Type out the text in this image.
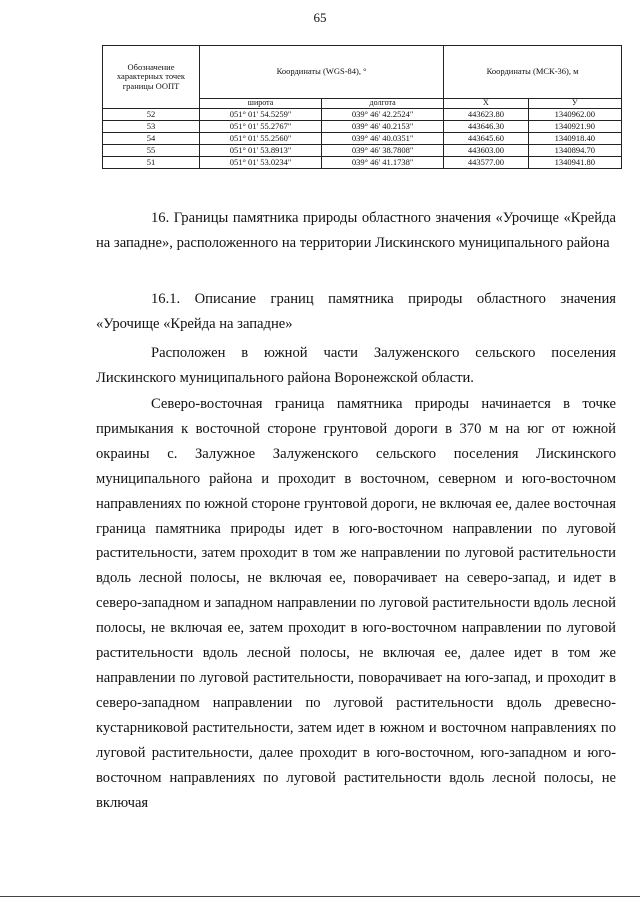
65
Обозначение характерных точек границы ООПТ	Координаты (WGS-84), °		Координаты (МСК-36), м	
	широта	долгота	X	У
52	051° 01' 54.5259"	039° 46' 42.2524"	443623.80	1340962.00
53	051° 01' 55.2767"	039° 46' 40.2153"	443646.30	1340921.90
54	051° 01' 55.2560"	039° 46' 40.0351"	443645.60	1340918.40
55	051° 01' 53.8913"	039° 46' 38.7808"	443603.00	1340894.70
51	051° 01' 53.0234"	039° 46' 41.1738"	443577.00	1340941.80

16. Границы памятника природы областного значения «Урочище «Крейда на западне», расположенного на территории Лискинского муниципального района

16.1. Описание границ памятника природы областного значения «Урочище «Крейда на западне»

Расположен в южной части Залуженского сельского поселения Лискинского муниципального района Воронежской области.

Северо-восточная граница памятника природы начинается в точке примыкания к восточной стороне грунтовой дороги в 370 м на юг от южной окраины с. Залужное Залуженского сельского поселения Лискинского муниципального района и проходит в восточном, северном и юго-восточном направлениях по южной стороне грунтовой дороги, не включая ее, далее восточная граница памятника природы идет в юго-восточном направлении по луговой растительности, затем проходит в том же направлении по луговой растительности вдоль лесной полосы, не включая ее, поворачивает на северо-запад, и идет в северо-западном и западном направлении по луговой растительности вдоль лесной полосы, не включая ее, затем проходит в юго-восточном направлении по луговой растительности вдоль лесной полосы, не включая ее, далее идет в том же направлении по луговой растительности, поворачивает на юго-запад, и проходит в северо-западном направлении по луговой растительности вдоль древесно-кустарниковой растительности, затем идет в южном и восточном направлениях по луговой растительности, далее проходит в юго-восточном, юго-западном и юго-восточном направлениях по луговой растительности вдоль лесной полосы, не включая
